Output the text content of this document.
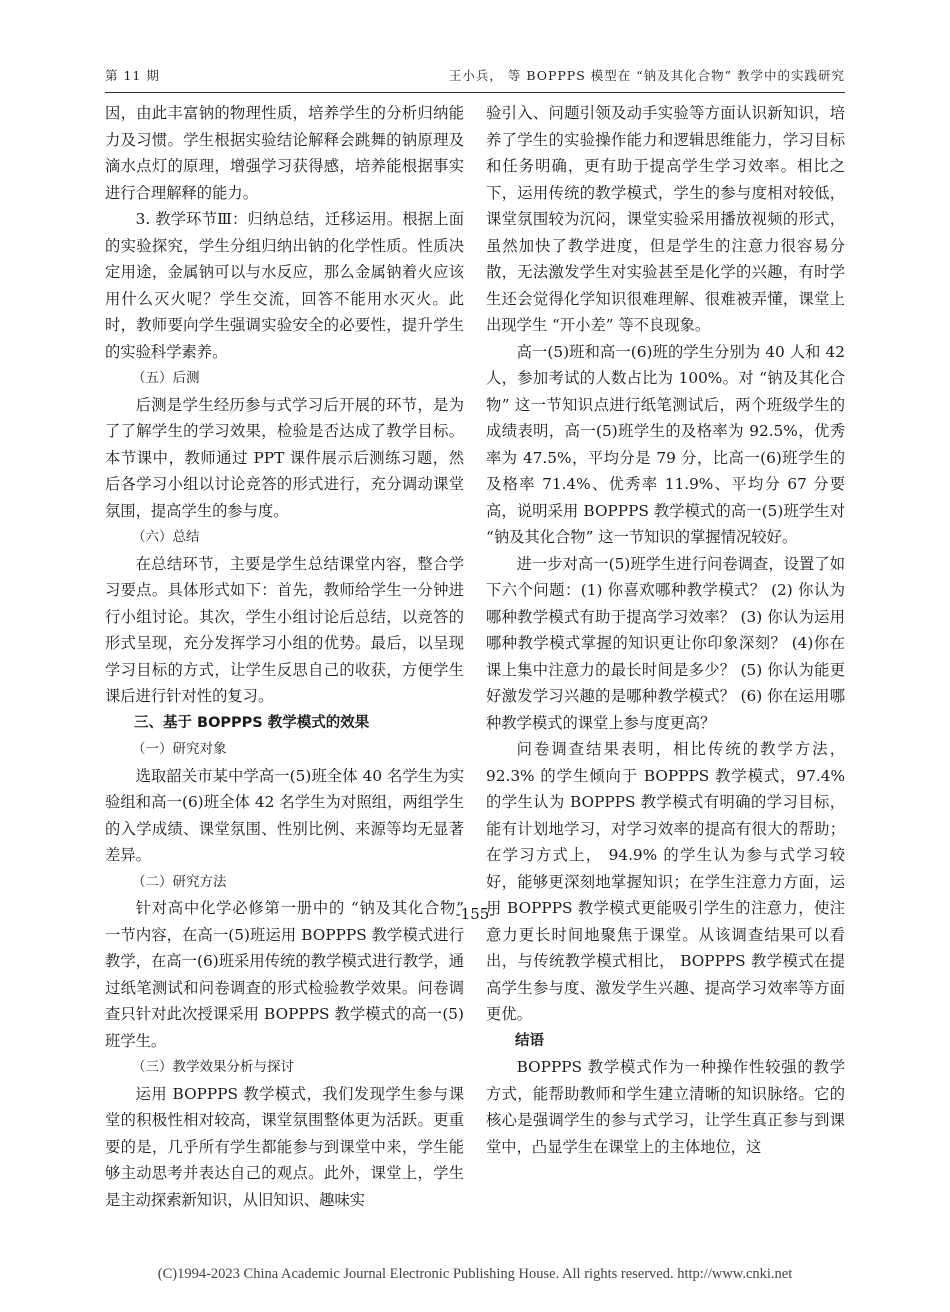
第 11 期	王小兵， 等 BOPPPS 模型在 “钠及其化合物” 教学中的实践研究

因，由此丰富钠的物理性质，培养学生的分析归纳能力及习惯。学生根据实验结论解释会跳舞的钠原理及滴水点灯的原理，增强学习获得感，培养能根据事实进行合理解释的能力。

3. 教学环节Ⅲ：归纳总结，迁移运用。根据上面的实验探究，学生分组归纳出钠的化学性质。性质决定用途，金属钠可以与水反应，那么金属钠着火应该用什么灭火呢？学生交流，回答不能用水灭火。此时，教师要向学生强调实验安全的必要性，提升学生的实验科学素养。

（五）后测

后测是学生经历参与式学习后开展的环节，是为了了解学生的学习效果，检验是否达成了教学目标。本节课中，教师通过 PPT 课件展示后测练习题，然后各学习小组以讨论竞答的形式进行，充分调动课堂氛围，提高学生的参与度。

（六）总结

在总结环节，主要是学生总结课堂内容，整合学习要点。具体形式如下：首先，教师给学生一分钟进行小组讨论。其次，学生小组讨论后总结，以竞答的形式呈现，充分发挥学习小组的优势。最后，以呈现学习目标的方式，让学生反思自己的收获，方便学生课后进行针对性的复习。

三、基于 BOPPPS 教学模式的效果

（一）研究对象

选取韶关市某中学高一(5)班全体 40 名学生为实验组和高一(6)班全体 42 名学生为对照组，两组学生的入学成绩、课堂氛围、性别比例、来源等均无显著差异。

（二）研究方法

针对高中化学必修第一册中的 “钠及其化合物” 一节内容，在高一(5)班运用 BOPPPS 教学模式进行教学，在高一(6)班采用传统的教学模式进行教学，通过纸笔测试和问卷调查的形式检验教学效果。问卷调查只针对此次授课采用 BOPPPS 教学模式的高一(5)班学生。

（三）教学效果分析与探讨

运用 BOPPPS 教学模式，我们发现学生参与课堂的积极性相对较高，课堂氛围整体更为活跃。更重要的是，几乎所有学生都能参与到课堂中来，学生能够主动思考并表达自己的观点。此外，课堂上，学生是主动探索新知识，从旧知识、趣味实

验引入、问题引领及动手实验等方面认识新知识，培养了学生的实验操作能力和逻辑思维能力，学习目标和任务明确，更有助于提高学生学习效率。相比之下，运用传统的教学模式，学生的参与度相对较低，课堂氛围较为沉闷，课堂实验采用播放视频的形式，虽然加快了教学进度，但是学生的注意力很容易分散，无法激发学生对实验甚至是化学的兴趣，有时学生还会觉得化学知识很难理解、很难被弄懂，课堂上出现学生 “开小差” 等不良现象。

高一(5)班和高一(6)班的学生分别为 40 人和 42 人，参加考试的人数占比为 100%。对 “钠及其化合物” 这一节知识点进行纸笔测试后，两个班级学生的成绩表明，高一(5)班学生的及格率为 92.5%，优秀率为 47.5%，平均分是 79 分，比高一(6)班学生的及格率 71.4%、优秀率 11.9%、平均分 67 分要高，说明采用 BOPPPS 教学模式的高一(5)班学生对 “钠及其化合物” 这一节知识的掌握情况较好。

进一步对高一(5)班学生进行问卷调查，设置了如下六个问题：(1) 你喜欢哪种教学模式？ (2) 你认为哪种教学模式有助于提高学习效率？ (3) 你认为运用哪种教学模式掌握的知识更让你印象深刻？ (4)你在课上集中注意力的最长时间是多少？ (5) 你认为能更好激发学习兴趣的是哪种教学模式？ (6) 你在运用哪种教学模式的课堂上参与度更高？

问卷调查结果表明，相比传统的教学方法，92.3% 的学生倾向于 BOPPPS 教学模式，97.4% 的学生认为 BOPPPS 教学模式有明确的学习目标，能有计划地学习，对学习效率的提高有很大的帮助；在学习方式上， 94.9% 的学生认为参与式学习较好，能够更深刻地掌握知识；在学生注意力方面，运用 BOPPPS 教学模式更能吸引学生的注意力，使注意力更长时间地聚焦于课堂。从该调查结果可以看出，与传统教学模式相比， BOPPPS 教学模式在提高学生参与度、激发学生兴趣、提高学习效率等方面更优。

结语

BOPPPS 教学模式作为一种操作性较强的教学方式，能帮助教师和学生建立清晰的知识脉络。它的核心是强调学生的参与式学习，让学生真正参与到课堂中，凸显学生在课堂上的主体地位，这

-155-
(C)1994-2023 China Academic Journal Electronic Publishing House. All rights reserved. http://www.cnki.net
